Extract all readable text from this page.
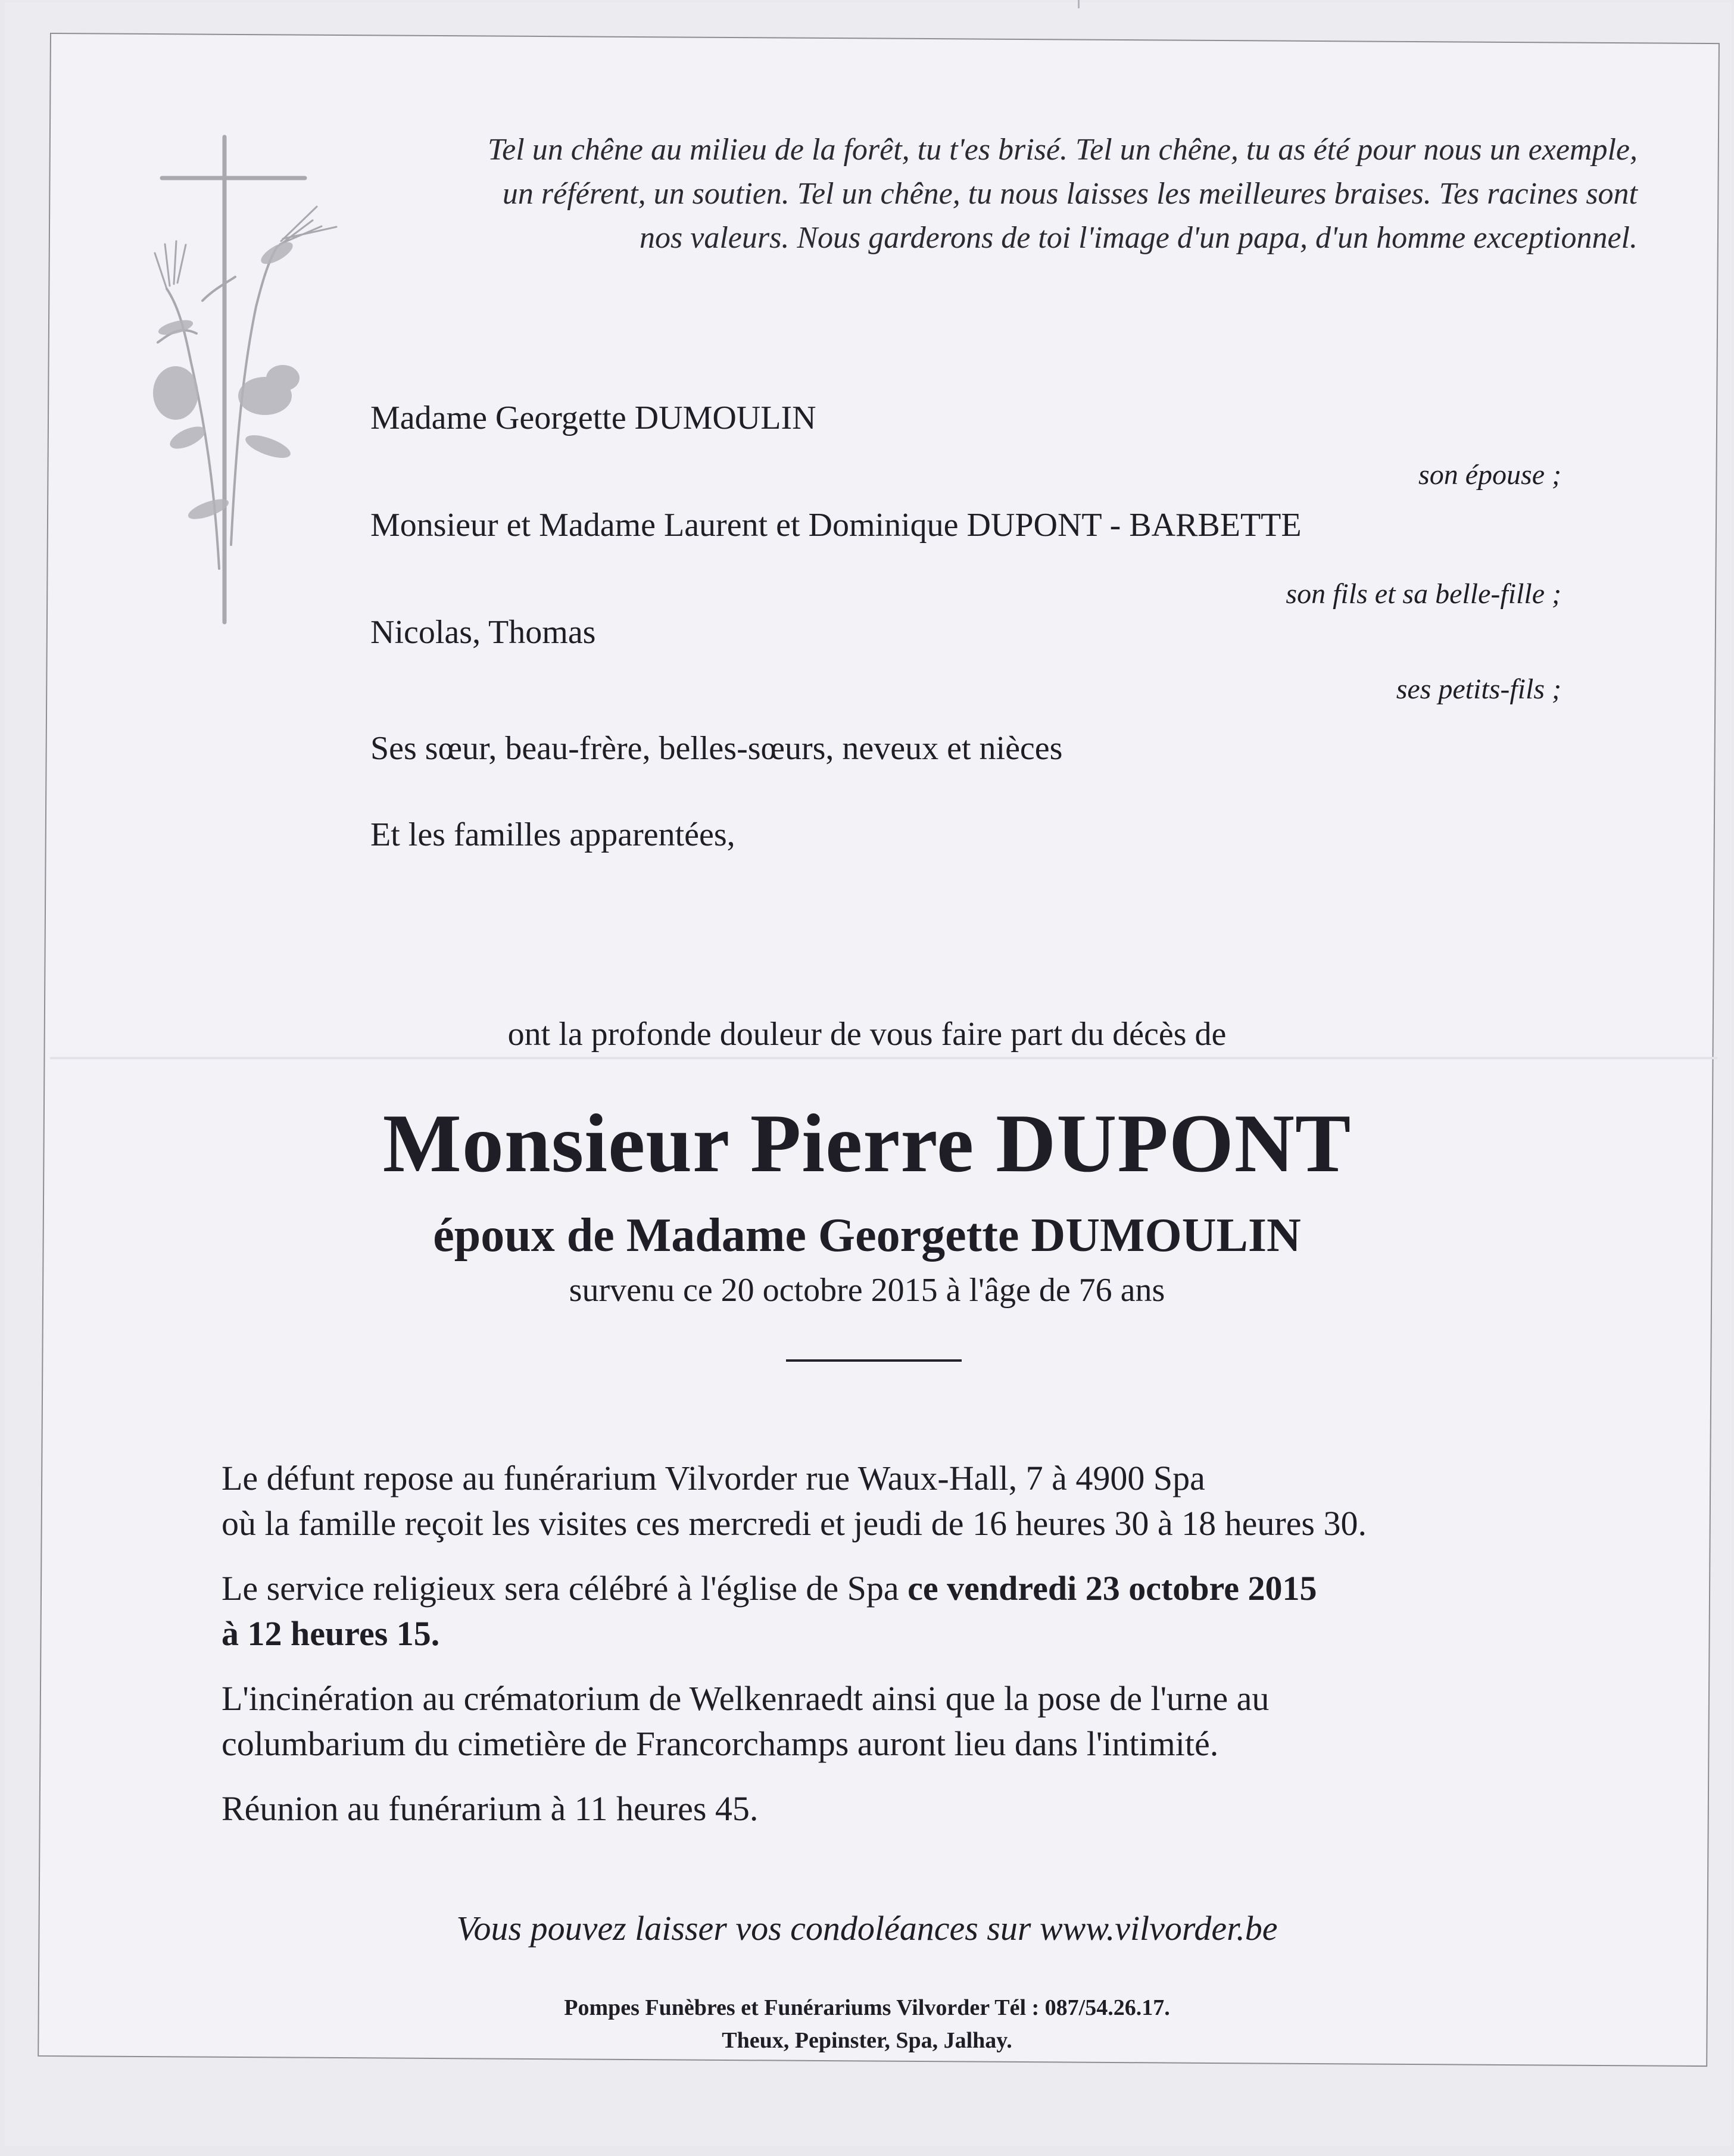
Tel un chêne au milieu de la forêt, tu t'es brisé. Tel un chêne, tu as été pour nous un exemple,
un référent, un soutien. Tel un chêne, tu nous laisses les meilleures braises. Tes racines sont
nos valeurs. Nous garderons de toi l'image d'un papa, d'un homme exceptionnel.
Madame Georgette DUMOULIN
son épouse ;
Monsieur et Madame Laurent et Dominique DUPONT - BARBETTE
son fils et sa belle-fille ;
Nicolas, Thomas
ses petits-fils ;
Ses sœur, beau-frère, belles-sœurs, neveux et nièces
Et les familles apparentées,
ont la profonde douleur de vous faire part du décès de
Monsieur Pierre DUPONT
époux de Madame Georgette DUMOULIN
survenu ce 20 octobre 2015 à l'âge de 76 ans
Le défunt repose au funérarium Vilvorder rue Waux-Hall, 7 à 4900 Spa
où la famille reçoit les visites ces mercredi et jeudi de 16 heures 30 à 18 heures 30.
Le service religieux sera célébré à l'église de Spa ce vendredi 23 octobre 2015
à 12 heures 15.
L'incinération au crématorium de Welkenraedt ainsi que la pose de l'urne au
columbarium du cimetière de Francorchamps auront lieu dans l'intimité.
Réunion au funérarium à 11 heures 45.
Vous pouvez laisser vos condoléances sur www.vilvorder.be
Pompes Funèbres et Funérariums Vilvorder Tél : 087/54.26.17.
Theux, Pepinster, Spa, Jalhay.
